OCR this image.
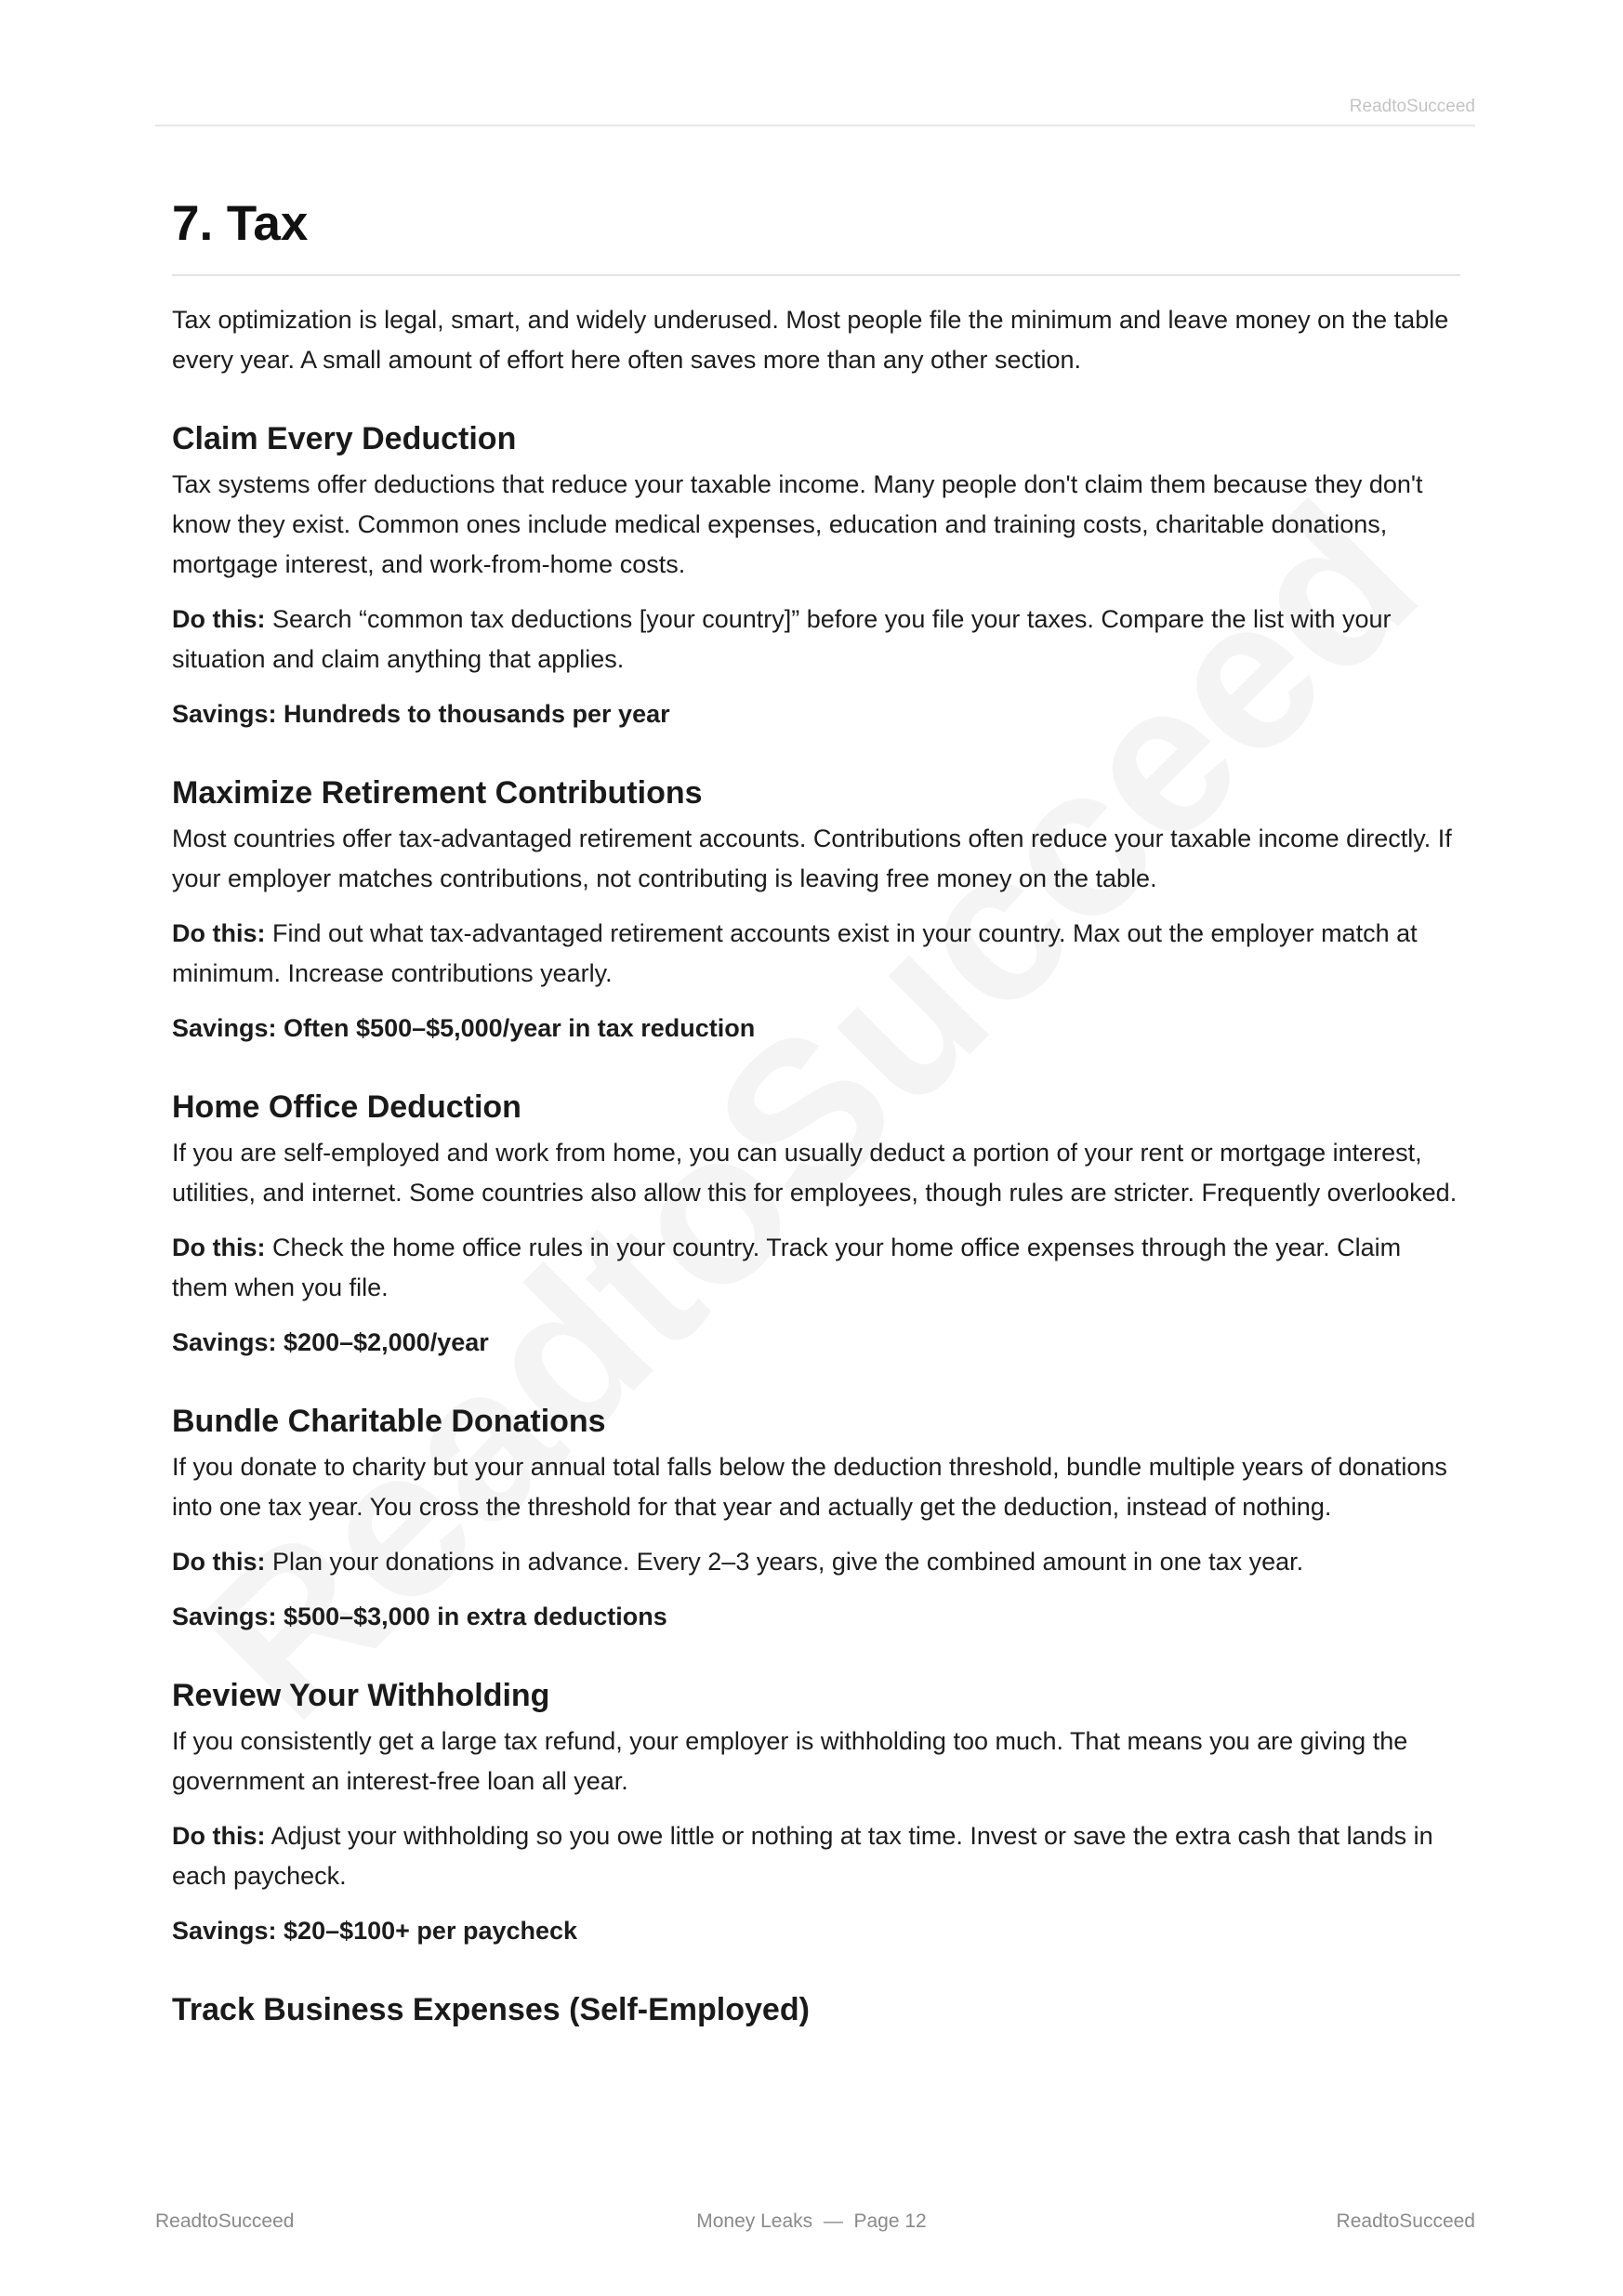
ReadtoSucceed
7. Tax

Tax optimization is legal, smart, and widely underused. Most people file the minimum and leave money on the table every year. A small amount of effort here often saves more than any other section.

Claim Every Deduction

Tax systems offer deductions that reduce your taxable income. Many people don't claim them because they don't know they exist. Common ones include medical expenses, education and training costs, charitable donations, mortgage interest, and work-from-home costs.

Do this: Search “common tax deductions [your country]” before you file your taxes. Compare the list with your situation and claim anything that applies.

Savings: Hundreds to thousands per year

Maximize Retirement Contributions

Most countries offer tax-advantaged retirement accounts. Contributions often reduce your taxable income directly. If your employer matches contributions, not contributing is leaving free money on the table.

Do this: Find out what tax-advantaged retirement accounts exist in your country. Max out the employer match at minimum. Increase contributions yearly.

Savings: Often $500–$5,000/year in tax reduction

Home Office Deduction

If you are self-employed and work from home, you can usually deduct a portion of your rent or mortgage interest, utilities, and internet. Some countries also allow this for employees, though rules are stricter. Frequently overlooked.

Do this: Check the home office rules in your country. Track your home office expenses through the year. Claim them when you file.

Savings: $200–$2,000/year

Bundle Charitable Donations

If you donate to charity but your annual total falls below the deduction threshold, bundle multiple years of donations into one tax year. You cross the threshold for that year and actually get the deduction, instead of nothing.

Do this: Plan your donations in advance. Every 2–3 years, give the combined amount in one tax year.

Savings: $500–$3,000 in extra deductions

Review Your Withholding

If you consistently get a large tax refund, your employer is withholding too much. That means you are giving the government an interest-free loan all year.

Do this: Adjust your withholding so you owe little or nothing at tax time. Invest or save the extra cash that lands in each paycheck.

Savings: $20–$100+ per paycheck

Track Business Expenses (Self-Employed)
ReadtoSucceed	Money Leaks  —  Page 12	ReadtoSucceed
